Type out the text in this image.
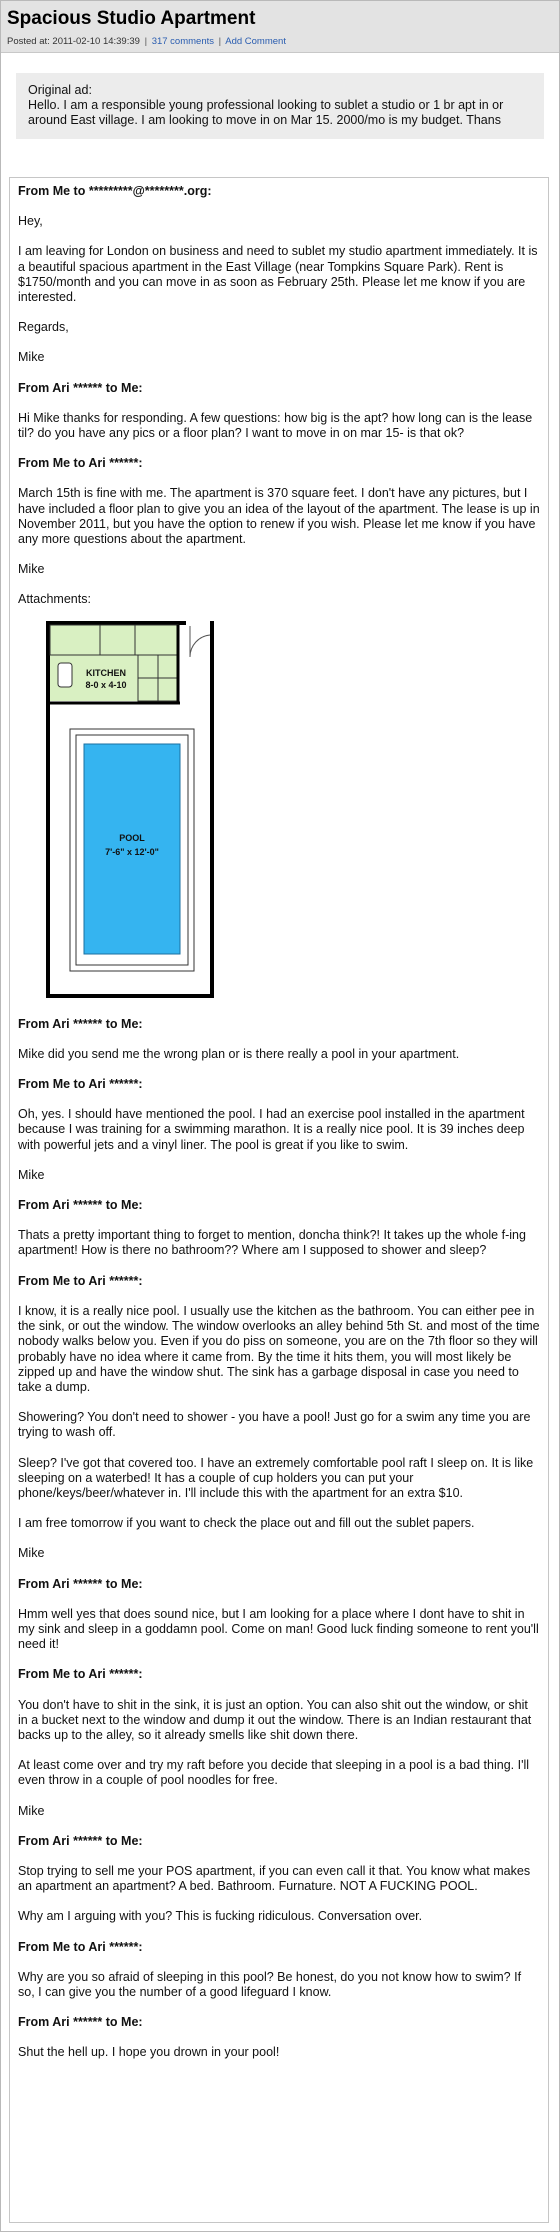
Spacious Studio Apartment
Posted at: 2011-02-10 14:39:39 | 317 comments | Add Comment
Original ad:
Hello. I am a responsible young professional looking to sublet a studio or 1 br apt in or around East village. I am looking to move in on Mar 15. 2000/mo is my budget. Thans
From Me to *********@********.org:

Hey,

I am leaving for London on business and need to sublet my studio apartment immediately. It is a beautiful spacious apartment in the East Village (near Tompkins Square Park). Rent is $1750/month and you can move in as soon as February 25th. Please let me know if you are interested.

Regards,

Mike
From Ari ****** to Me:

Hi Mike thanks for responding. A few questions: how big is the apt? how long can is the lease til? do you have any pics or a floor plan? I want to move in on mar 15- is that ok?

From Me to Ari ******:

March 15th is fine with me. The apartment is 370 square feet. I don't have any pictures, but I have included a floor plan to give you an idea of the layout of the apartment. The lease is up in November 2011, but you have the option to renew if you wish. Please let me know if you have any more questions about the apartment.

Mike

Attachments:

KITCHEN
8-0 x 4-10
POOL
7'-6" x 12'-0"
From Ari ****** to Me:

Mike did you send me the wrong plan or is there really a pool in your apartment.

From Me to Ari ******:

Oh, yes. I should have mentioned the pool. I had an exercise pool installed in the apartment because I was training for a swimming marathon. It is a really nice pool. It is 39 inches deep with powerful jets and a vinyl liner. The pool is great if you like to swim.

Mike
From Ari ****** to Me:

Thats a pretty important thing to forget to mention, doncha think?! It takes up the whole f-ing apartment! How is there no bathroom?? Where am I supposed to shower and sleep?

From Me to Ari ******:

I know, it is a really nice pool. I usually use the kitchen as the bathroom. You can either pee in the sink, or out the window. The window overlooks an alley behind 5th St. and most of the time nobody walks below you. Even if you do piss on someone, you are on the 7th floor so they will probably have no idea where it came from. By the time it hits them, you will most likely be zipped up and have the window shut. The sink has a garbage disposal in case you need to take a dump.

Showering? You don't need to shower - you have a pool! Just go for a swim any time you are trying to wash off.

Sleep? I've got that covered too. I have an extremely comfortable pool raft I sleep on. It is like sleeping on a waterbed! It has a couple of cup holders you can put your phone/keys/beer/whatever in. I'll include this with the apartment for an extra $10.

I am free tomorrow if you want to check the place out and fill out the sublet papers.

Mike
From Ari ****** to Me:

Hmm well yes that does sound nice, but I am looking for a place where I dont have to shit in my sink and sleep in a goddamn pool. Come on man! Good luck finding someone to rent you'll need it!

From Me to Ari ******:

You don't have to shit in the sink, it is just an option. You can also shit out the window, or shit in a bucket next to the window and dump it out the window. There is an Indian restaurant that backs up to the alley, so it already smells like shit down there.

At least come over and try my raft before you decide that sleeping in a pool is a bad thing. I'll even throw in a couple of pool noodles for free.

Mike
From Ari ****** to Me:

Stop trying to sell me your POS apartment, if you can even call it that. You know what makes an apartment an apartment? A bed. Bathroom. Furnature. NOT A FUCKING POOL.

Why am I arguing with you? This is fucking ridiculous. Conversation over.

From Me to Ari ******:

Why are you so afraid of sleeping in this pool? Be honest, do you not know how to swim? If so, I can give you the number of a good lifeguard I know.

From Ari ****** to Me:

Shut the hell up. I hope you drown in your pool!
